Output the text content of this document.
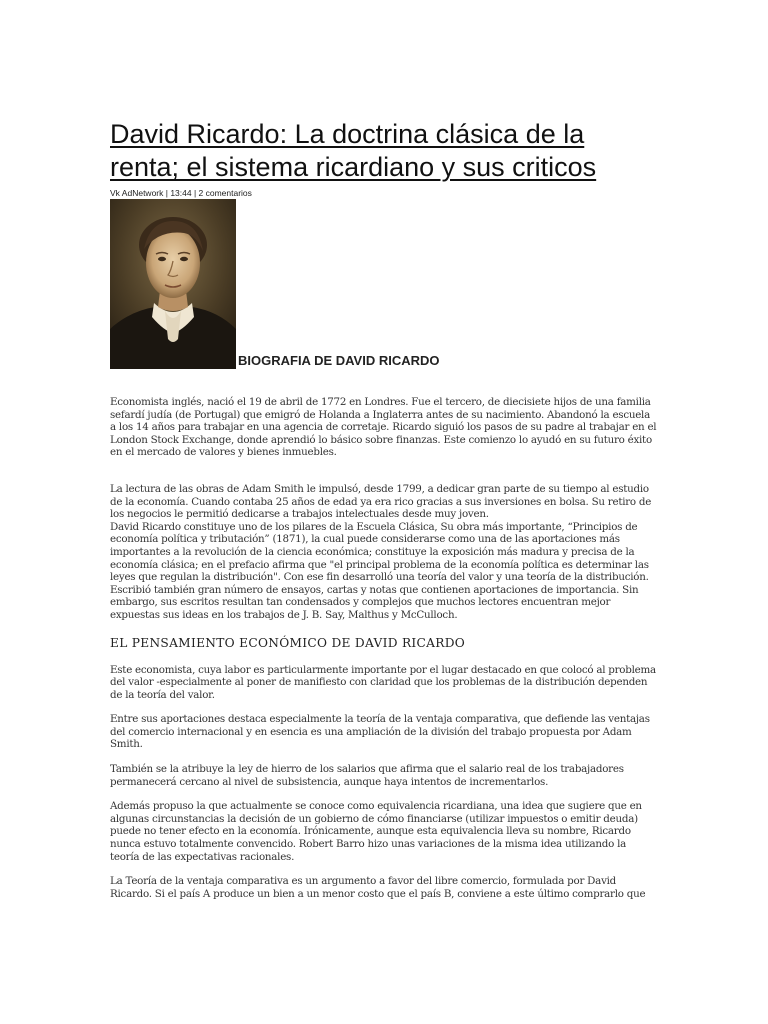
David Ricardo: La doctrina clásica de la renta; el sistema ricardiano y sus criticos
Vk AdNetwork | 13:44 | 2 comentarios
BIOGRAFIA DE DAVID RICARDO

Economista inglés, nació el 19 de abril de 1772 en Londres. Fue el tercero, de diecisiete hijos de una familia sefardí judía (de Portugal) que emigró de Holanda a Inglaterra antes de su nacimiento. Abandonó la escuela a los 14 años para trabajar en una agencia de corretaje. Ricardo siguió los pasos de su padre al trabajar en el London Stock Exchange, donde aprendió lo básico sobre finanzas. Este comienzo lo ayudó en su futuro éxito en el mercado de valores y bienes inmuebles.

La lectura de las obras de Adam Smith le impulsó, desde 1799, a dedicar gran parte de su tiempo al estudio de la economía. Cuando contaba 25 años de edad ya era rico gracias a sus inversiones en bolsa. Su retiro de los negocios le permitió dedicarse a trabajos intelectuales desde muy joven.

David Ricardo constituye uno de los pilares de la Escuela Clásica, Su obra más importante, “Principios de economía política y tributación” (1871), la cual puede considerarse como una de las aportaciones más importantes a la revolución de la ciencia económica; constituye la exposición más madura y precisa de la economía clásica; en el prefacio afirma que "el principal problema de la economía política es determinar las leyes que regulan la distribución". Con ese fin desarrolló una teoría del valor y una teoría de la distribución. Escribió también gran número de ensayos, cartas y notas que contienen aportaciones de importancia. Sin embargo, sus escritos resultan tan condensados y complejos que muchos lectores encuentran mejor expuestas sus ideas en los trabajos de J. B. Say, Malthus y McCulloch.

EL PENSAMIENTO ECONÓMICO DE DAVID RICARDO

Este economista, cuya labor es particularmente importante por el lugar destacado en que colocó al problema del valor -especialmente al poner de manifiesto con claridad que los problemas de la distribución dependen de la teoría del valor.

Entre sus aportaciones destaca especialmente la teoría de la ventaja comparativa, que defiende las ventajas del comercio internacional y en esencia es una ampliación de la división del trabajo propuesta por Adam Smith.

También se la atribuye la ley de hierro de los salarios que afirma que el salario real de los trabajadores permanecerá cercano al nivel de subsistencia, aunque haya intentos de incrementarlos.

Además propuso la que actualmente se conoce como equivalencia ricardiana, una idea que sugiere que en algunas circunstancias la decisión de un gobierno de cómo financiarse (utilizar impuestos o emitir deuda) puede no tener efecto en la economía. Irónicamente, aunque esta equivalencia lleva su nombre, Ricardo nunca estuvo totalmente convencido. Robert Barro hizo unas variaciones de la misma idea utilizando la teoría de las expectativas racionales.

La Teoría de la ventaja comparativa es un argumento a favor del libre comercio, formulada por David Ricardo. Si el país A produce un bien a un menor costo que el país B, conviene a este último comprarlo que
